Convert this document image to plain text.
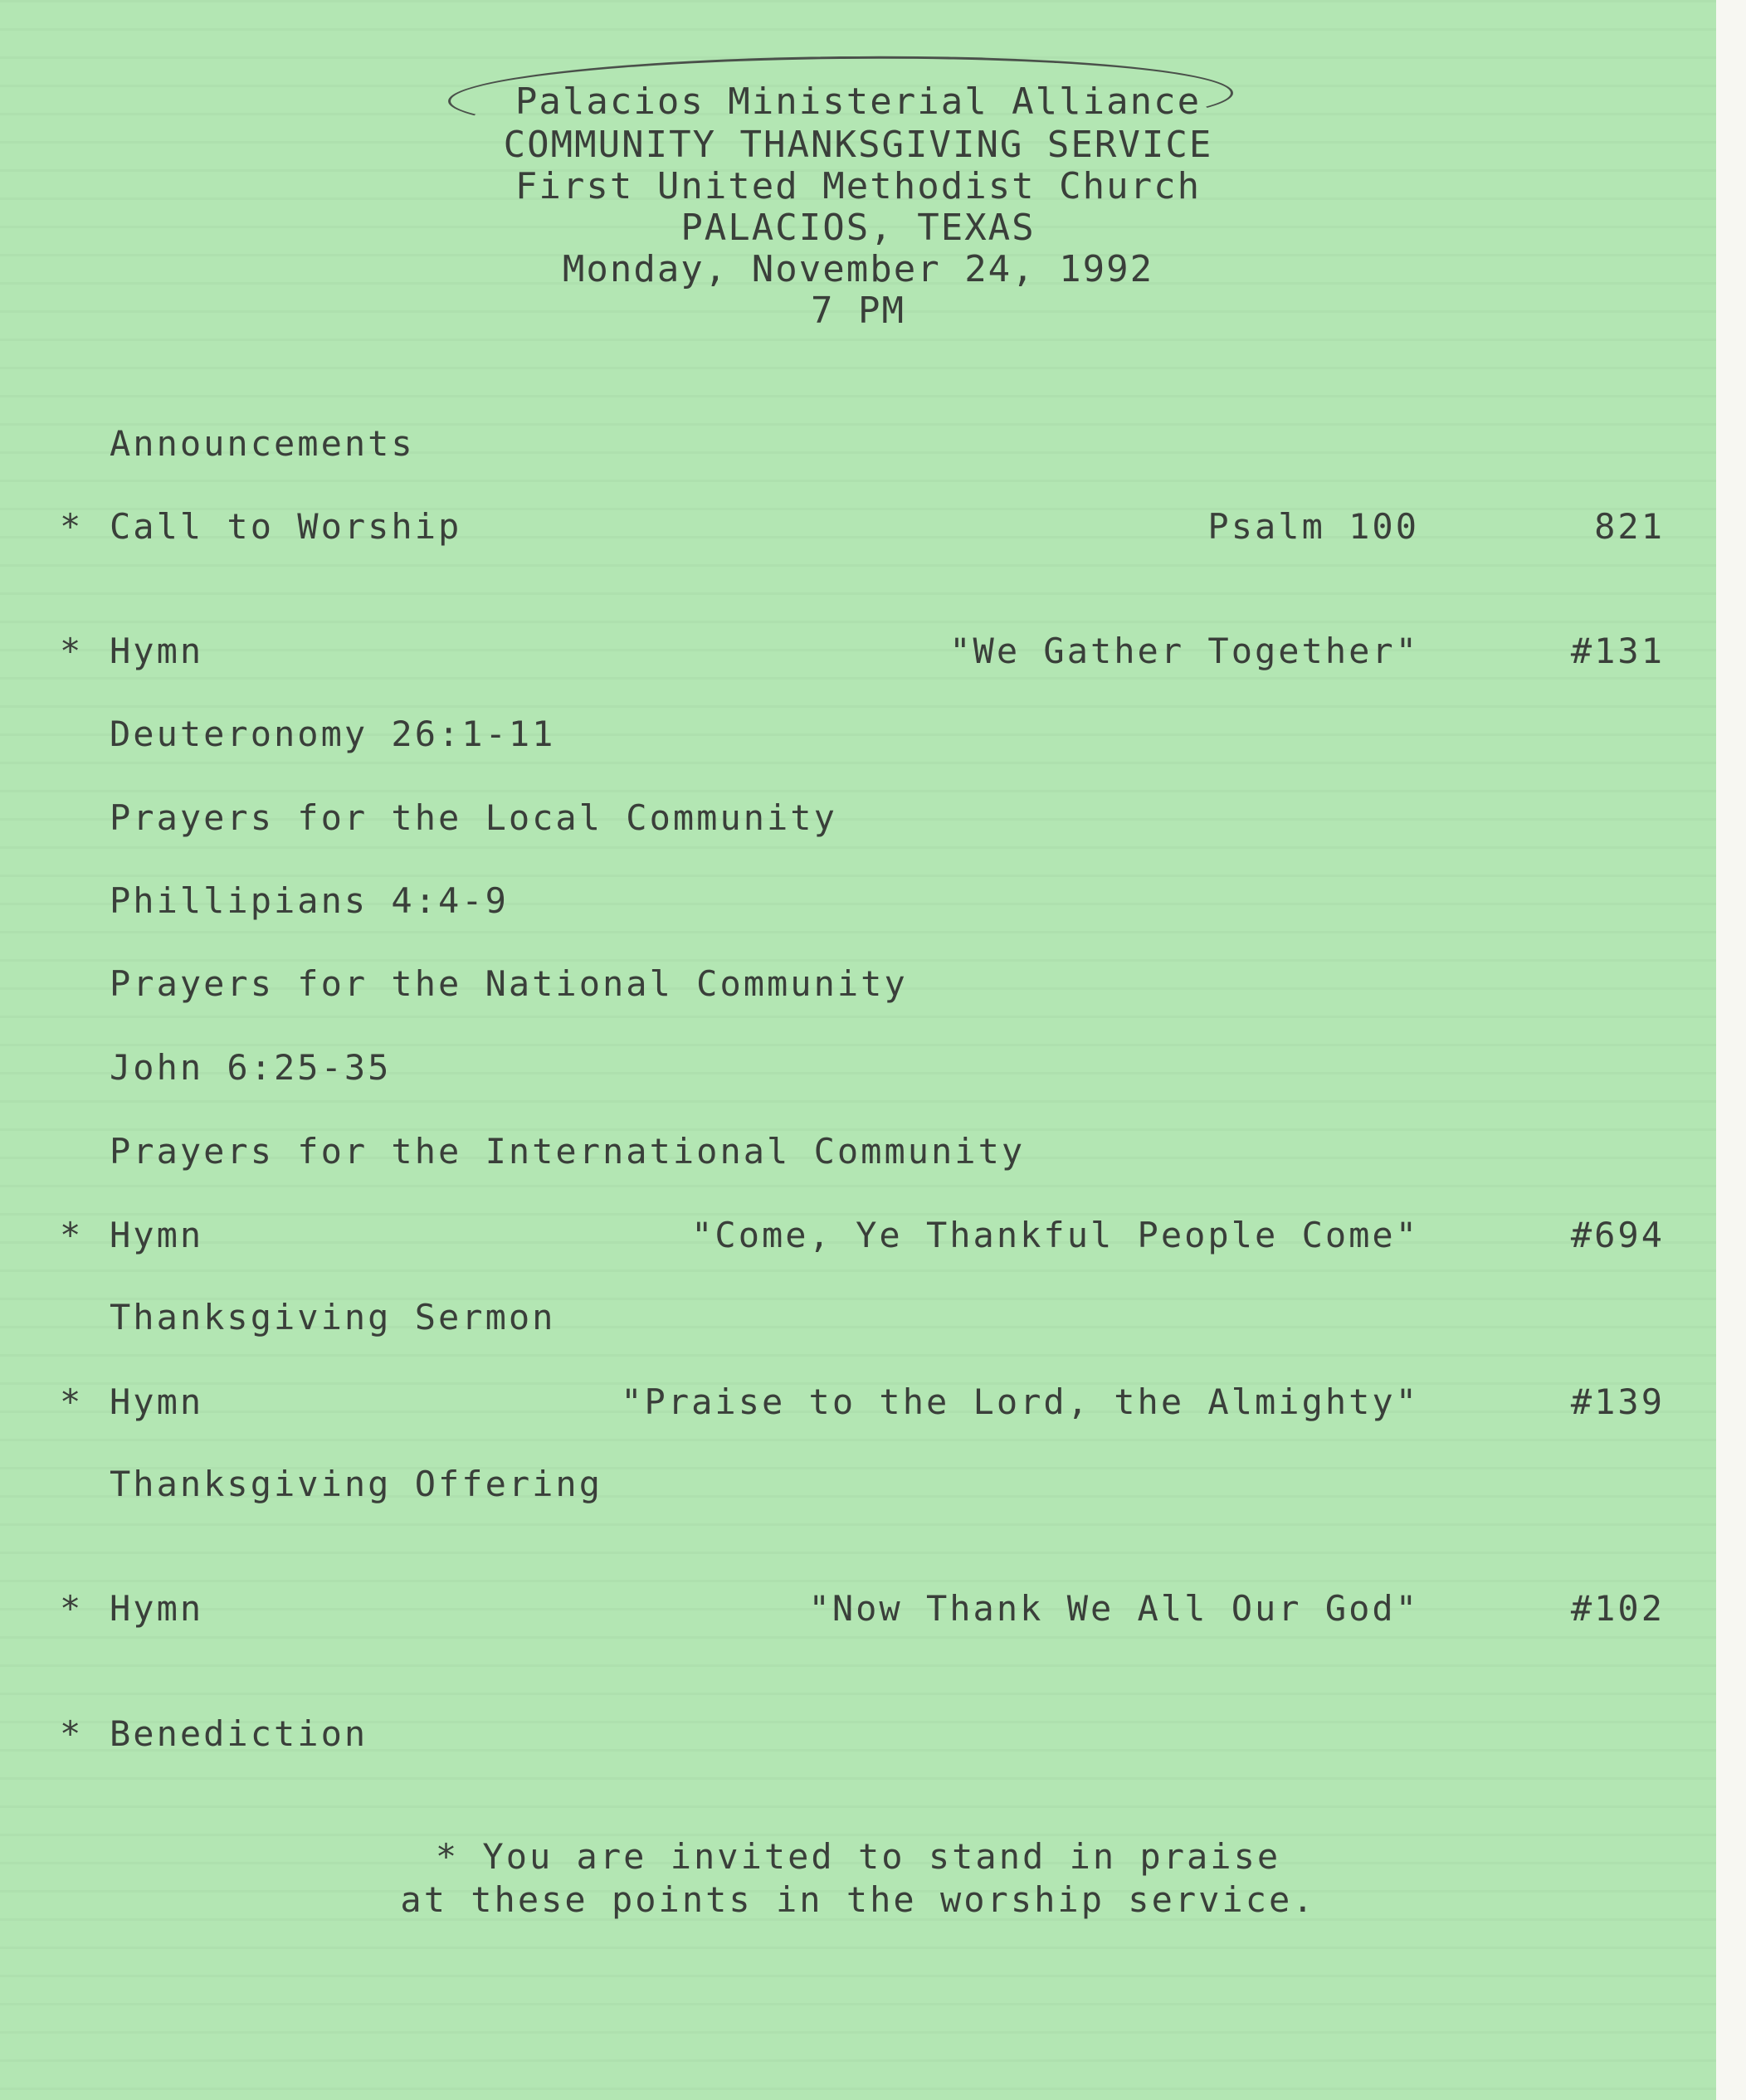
Palacios Ministerial Alliance
COMMUNITY THANKSGIVING SERVICE
First United Methodist Church
PALACIOS, TEXAS
Monday, November 24, 1992
7 PM
Announcements
* Call to Worship	Psalm 100	821
* Hymn	"We Gather Together"	#131
Deuteronomy 26:1-11
Prayers for the Local Community
Phillipians 4:4-9
Prayers for the National Community
John 6:25-35
Prayers for the International Community
* Hymn	"Come, Ye Thankful People Come"	#694
Thanksgiving Sermon
* Hymn	"Praise to the Lord, the Almighty"	#139
Thanksgiving Offering
* Hymn	"Now Thank We All Our God"	#102
* Benediction
* You are invited to stand in praise
at these points in the worship service.
